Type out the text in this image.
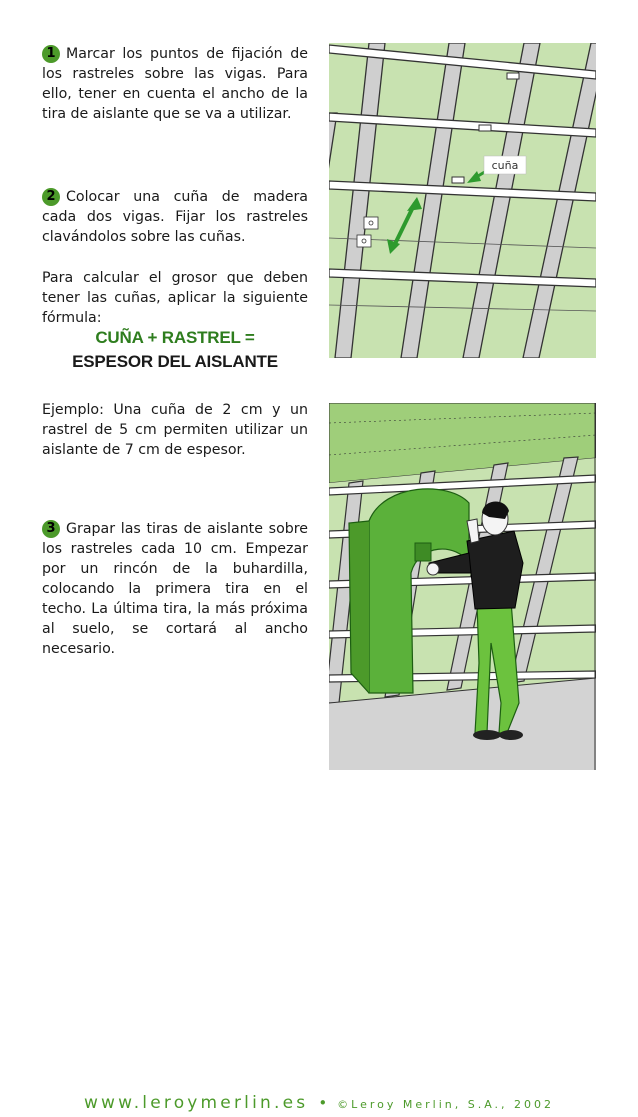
1 Marcar los puntos de fijación de los rastreles sobre las vigas. Para ello, tener en cuenta el ancho de la tira de aislante que se va a utilizar.
2 Colocar una cuña de madera cada dos vigas. Fijar los rastreles clavándolos sobre las cuñas.
Para calcular el grosor que deben tener las cuñas, aplicar la siguiente fórmula:
CUÑA + RASTREL =
ESPESOR DEL AISLANTE
Ejemplo: Una cuña de 2 cm y un rastrel de 5 cm permiten utilizar un aislante de 7 cm de espesor.
3 Grapar las tiras de aislante sobre los rastreles cada 10 cm. Empezar por un rincón de la buhardilla, colocando la primera tira en el techo. La última tira, la más próxima al suelo, se cortará al ancho necesario.
cuña
www.leroymerlin.es • ©Leroy Merlin, S.A., 2002
